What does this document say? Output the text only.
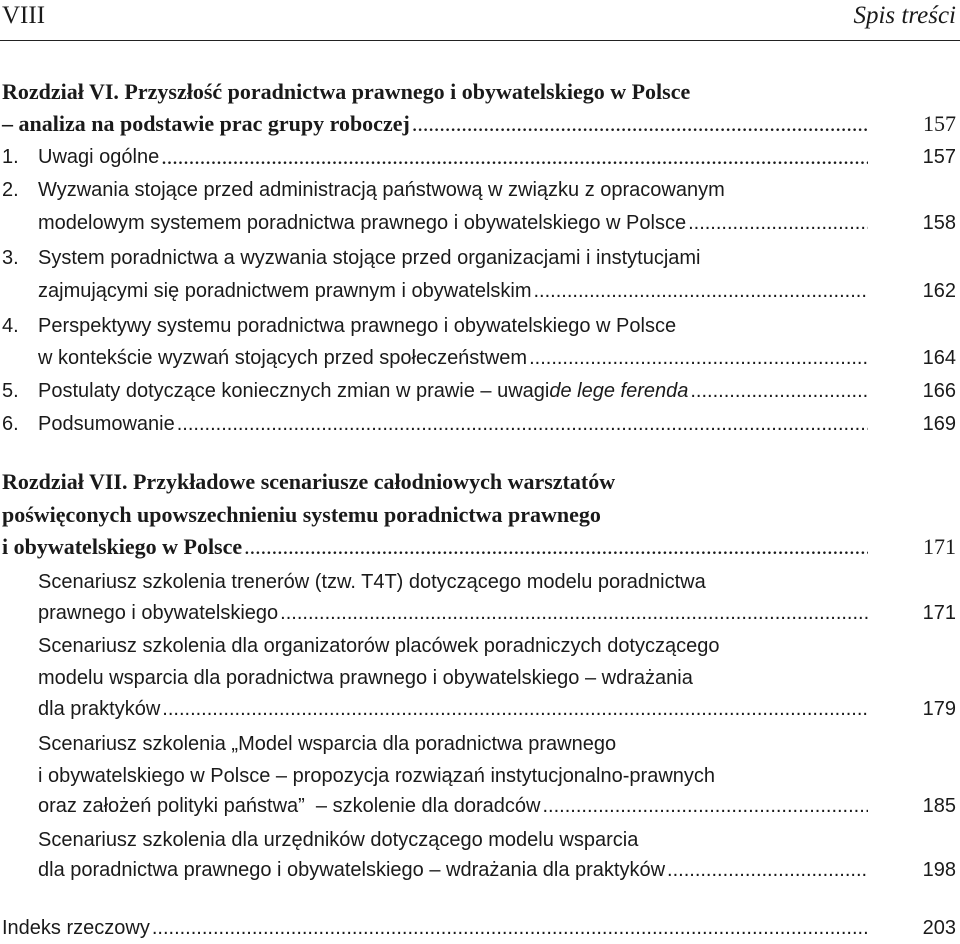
VIII	Spis treści
Rozdział VI. Przyszłość poradnictwa prawnego i obywatelskiego w Polsce
– analiza na podstawie prac grupy roboczej .....	157
1. Uwagi ogólne .....	157
2. Wyzwania stojące przed administracją państwową w związku z opracowanym
modelowym systemem poradnictwa prawnego i obywatelskiego w Polsce .....	158
3. System poradnictwa a wyzwania stojące przed organizacjami i instytucjami
zajmującymi się poradnictwem prawnym i obywatelskim .....	162
4. Perspektywy systemu poradnictwa prawnego i obywatelskiego w Polsce
w kontekście wyzwań stojących przed społeczeństwem .....	164
5. Postulaty dotyczące koniecznych zmian w prawie – uwagi de lege ferenda .....	166
6. Podsumowanie .....	169
Rozdział VII. Przykładowe scenariusze całodniowych warsztatów
poświęconych upowszechnieniu systemu poradnictwa prawnego
i obywatelskiego w Polsce .....	171
Scenariusz szkolenia trenerów (tzw. T4T) dotyczącego modelu poradnictwa
prawnego i obywatelskiego .....	171
Scenariusz szkolenia dla organizatorów placówek poradniczych dotyczącego
modelu wsparcia dla poradnictwa prawnego i obywatelskiego – wdrażania
dla praktyków .....	179
Scenariusz szkolenia „Model wsparcia dla poradnictwa prawnego
i obywatelskiego w Polsce – propozycja rozwiązań instytucjonalno-prawnych
oraz założeń polityki państwa”  – szkolenie dla doradców .....	185
Scenariusz szkolenia dla urzędników dotyczącego modelu wsparcia
dla poradnictwa prawnego i obywatelskiego – wdrażania dla praktyków .....	198
Indeks rzeczowy .....	203
